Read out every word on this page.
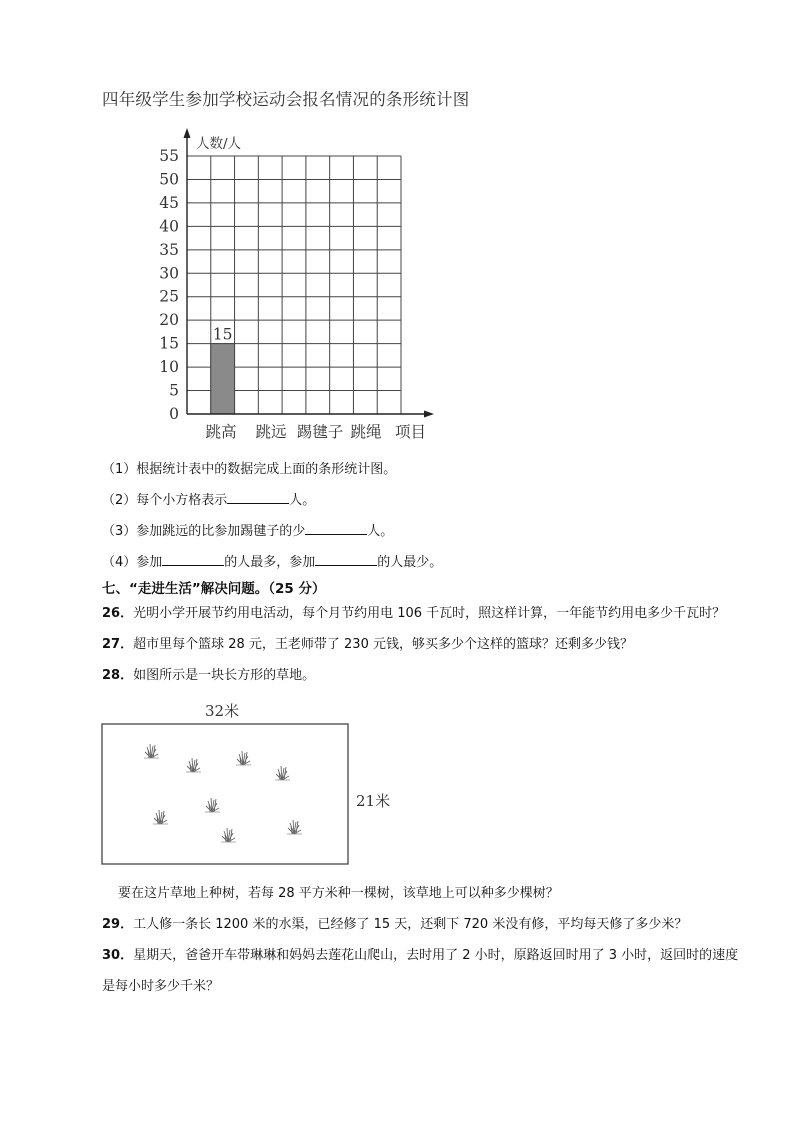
四年级学生参加学校运动会报名情况的条形统计图
15
0
5
10
15
20
25
30
35
40
45
50
55
跳高 跳远 踢毽子 跳绳
人数/人
项目
（1）根据统计表中的数据完成上面的条形统计图。
（2）每个小方格表示	人。
（3）参加跳远的比参加踢毽子的少	人。
（4）参加	的人最多，参加	的人最少。
七、“走进生活”解决问题。（25 分）
26．光明小学开展节约用电活动，每个月节约用电 106 千瓦时，照这样计算，一年能节约用电多少千瓦时？27．超市里每个篮球 28 元，王老师带了 230 元钱，够买多少个这样的篮球？还剩多少钱？
28．如图所示是一块长方形的草地。
32米
21米
要在这片草地上种树，若每 28 平方米种一棵树，该草地上可以种多少棵树？
29．工人修一条长 1200 米的水渠，已经修了 15 天，还剩下 720 米没有修，平均每天修了多少米？
30．星期天，爸爸开车带琳琳和妈妈去莲花山爬山，去时用了 2 小时，原路返回时用了 3 小时，返回时的速度是每小时多少千米？
